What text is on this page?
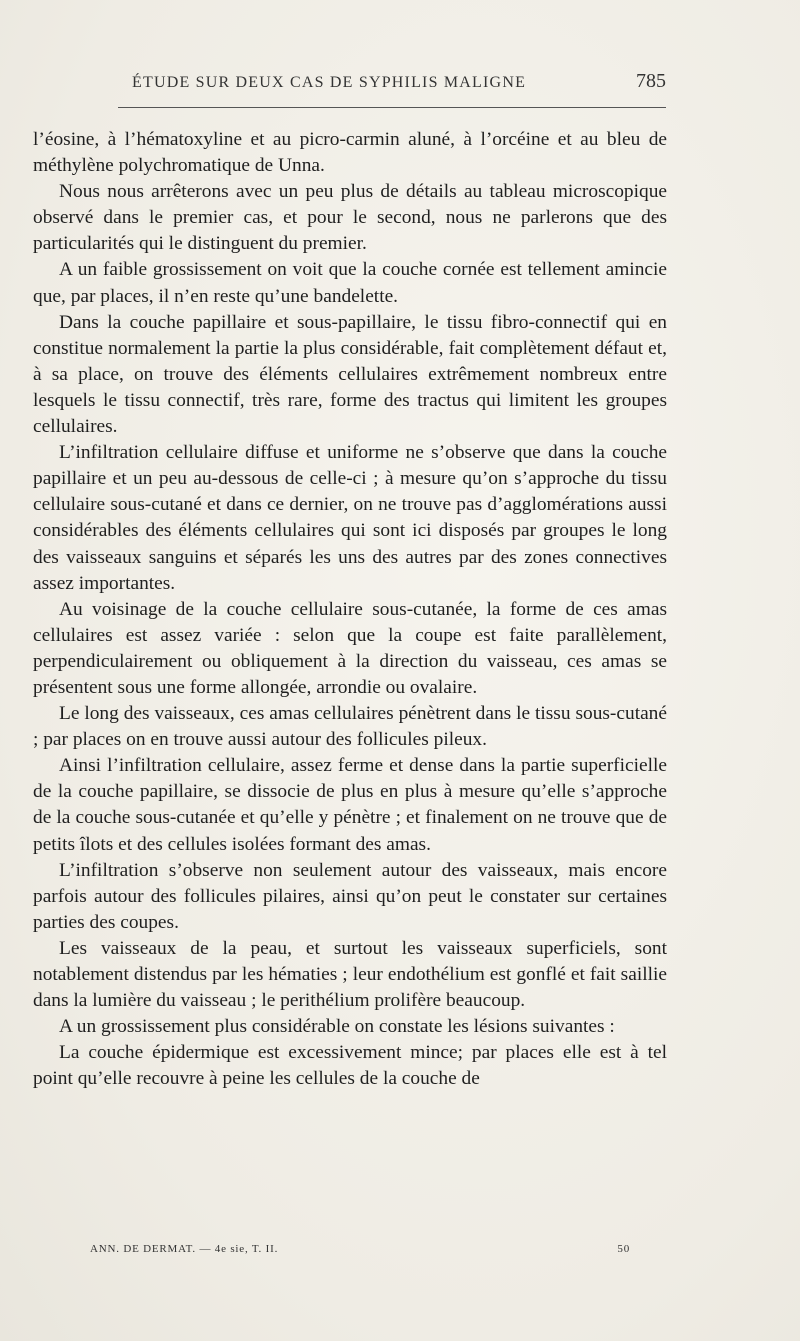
ÉTUDE SUR DEUX CAS DE SYPHILIS MALIGNE	785

l’éosine, à l’hématoxyline et au picro-carmin aluné, à l’orcéine et au bleu de méthylène polychromatique de Unna.

Nous nous arrêterons avec un peu plus de détails au tableau microscopique observé dans le premier cas, et pour le second, nous ne parlerons que des particularités qui le distinguent du premier.

A un faible grossissement on voit que la couche cornée est tellement amincie que, par places, il n’en reste qu’une bandelette.

Dans la couche papillaire et sous-papillaire, le tissu fibro-connectif qui en constitue normalement la partie la plus considérable, fait complètement défaut et, à sa place, on trouve des éléments cellulaires extrêmement nombreux entre lesquels le tissu connectif, très rare, forme des tractus qui limitent les groupes cellulaires.

L’infiltration cellulaire diffuse et uniforme ne s’observe que dans la couche papillaire et un peu au-dessous de celle-ci ; à mesure qu’on s’approche du tissu cellulaire sous-cutané et dans ce dernier, on ne trouve pas d’agglomérations aussi considérables des éléments cellulaires qui sont ici disposés par groupes le long des vaisseaux sanguins et séparés les uns des autres par des zones connectives assez importantes.

Au voisinage de la couche cellulaire sous-cutanée, la forme de ces amas cellulaires est assez variée : selon que la coupe est faite parallèlement, perpendiculairement ou obliquement à la direction du vaisseau, ces amas se présentent sous une forme allongée, arrondie ou ovalaire.

Le long des vaisseaux, ces amas cellulaires pénètrent dans le tissu sous-cutané ; par places on en trouve aussi autour des follicules pileux.

Ainsi l’infiltration cellulaire, assez ferme et dense dans la partie superficielle de la couche papillaire, se dissocie de plus en plus à mesure qu’elle s’approche de la couche sous-cutanée et qu’elle y pénètre ; et finalement on ne trouve que de petits îlots et des cellules isolées formant des amas.

L’infiltration s’observe non seulement autour des vaisseaux, mais encore parfois autour des follicules pilaires, ainsi qu’on peut le constater sur certaines parties des coupes.

Les vaisseaux de la peau, et surtout les vaisseaux superficiels, sont notablement distendus par les hématies ; leur endothélium est gonflé et fait saillie dans la lumière du vaisseau ; le perithélium prolifère beaucoup.

A un grossissement plus considérable on constate les lésions suivantes :

La couche épidermique est excessivement mince; par places elle est à tel point qu’elle recouvre à peine les cellules de la couche de

ANN. DE DERMAT. — 4e sie, T. II.	50
